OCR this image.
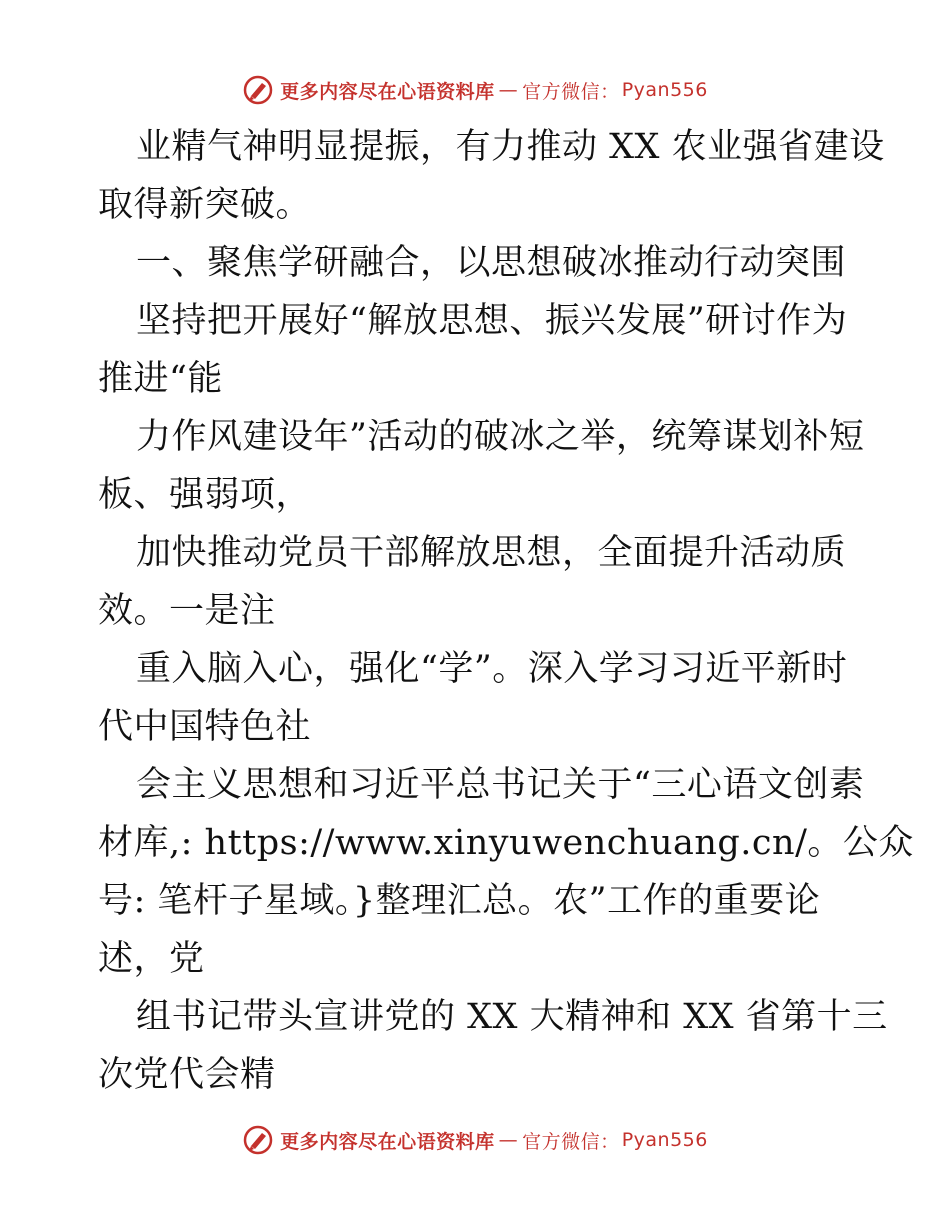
更多内容尽在心语资料库 — 官方微信： Pyan556
业精气神明显提振，有力推动 XX 农业强省建设
取得新突破。
一、聚焦学研融合，以思想破冰推动行动突围
坚持把开展好“解放思想、振兴发展”研讨作为
推进“能
力作风建设年”活动的破冰之举，统筹谋划补短
板、强弱项，
加快推动党员干部解放思想，全面提升活动质
效。一是注
重入脑入心，强化“学”。深入学习习近平新时
代中国特色社
会主义思想和习近平总书记关于“三心语文创素
材库,: https://www.xinyuwenchuang.cn/。公众
号: 笔杆子星域。}整理汇总。农”工作的重要论
述，党
组书记带头宣讲党的 XX 大精神和 XX 省第十三
次党代会精
更多内容尽在心语资料库 — 官方微信： Pyan556
